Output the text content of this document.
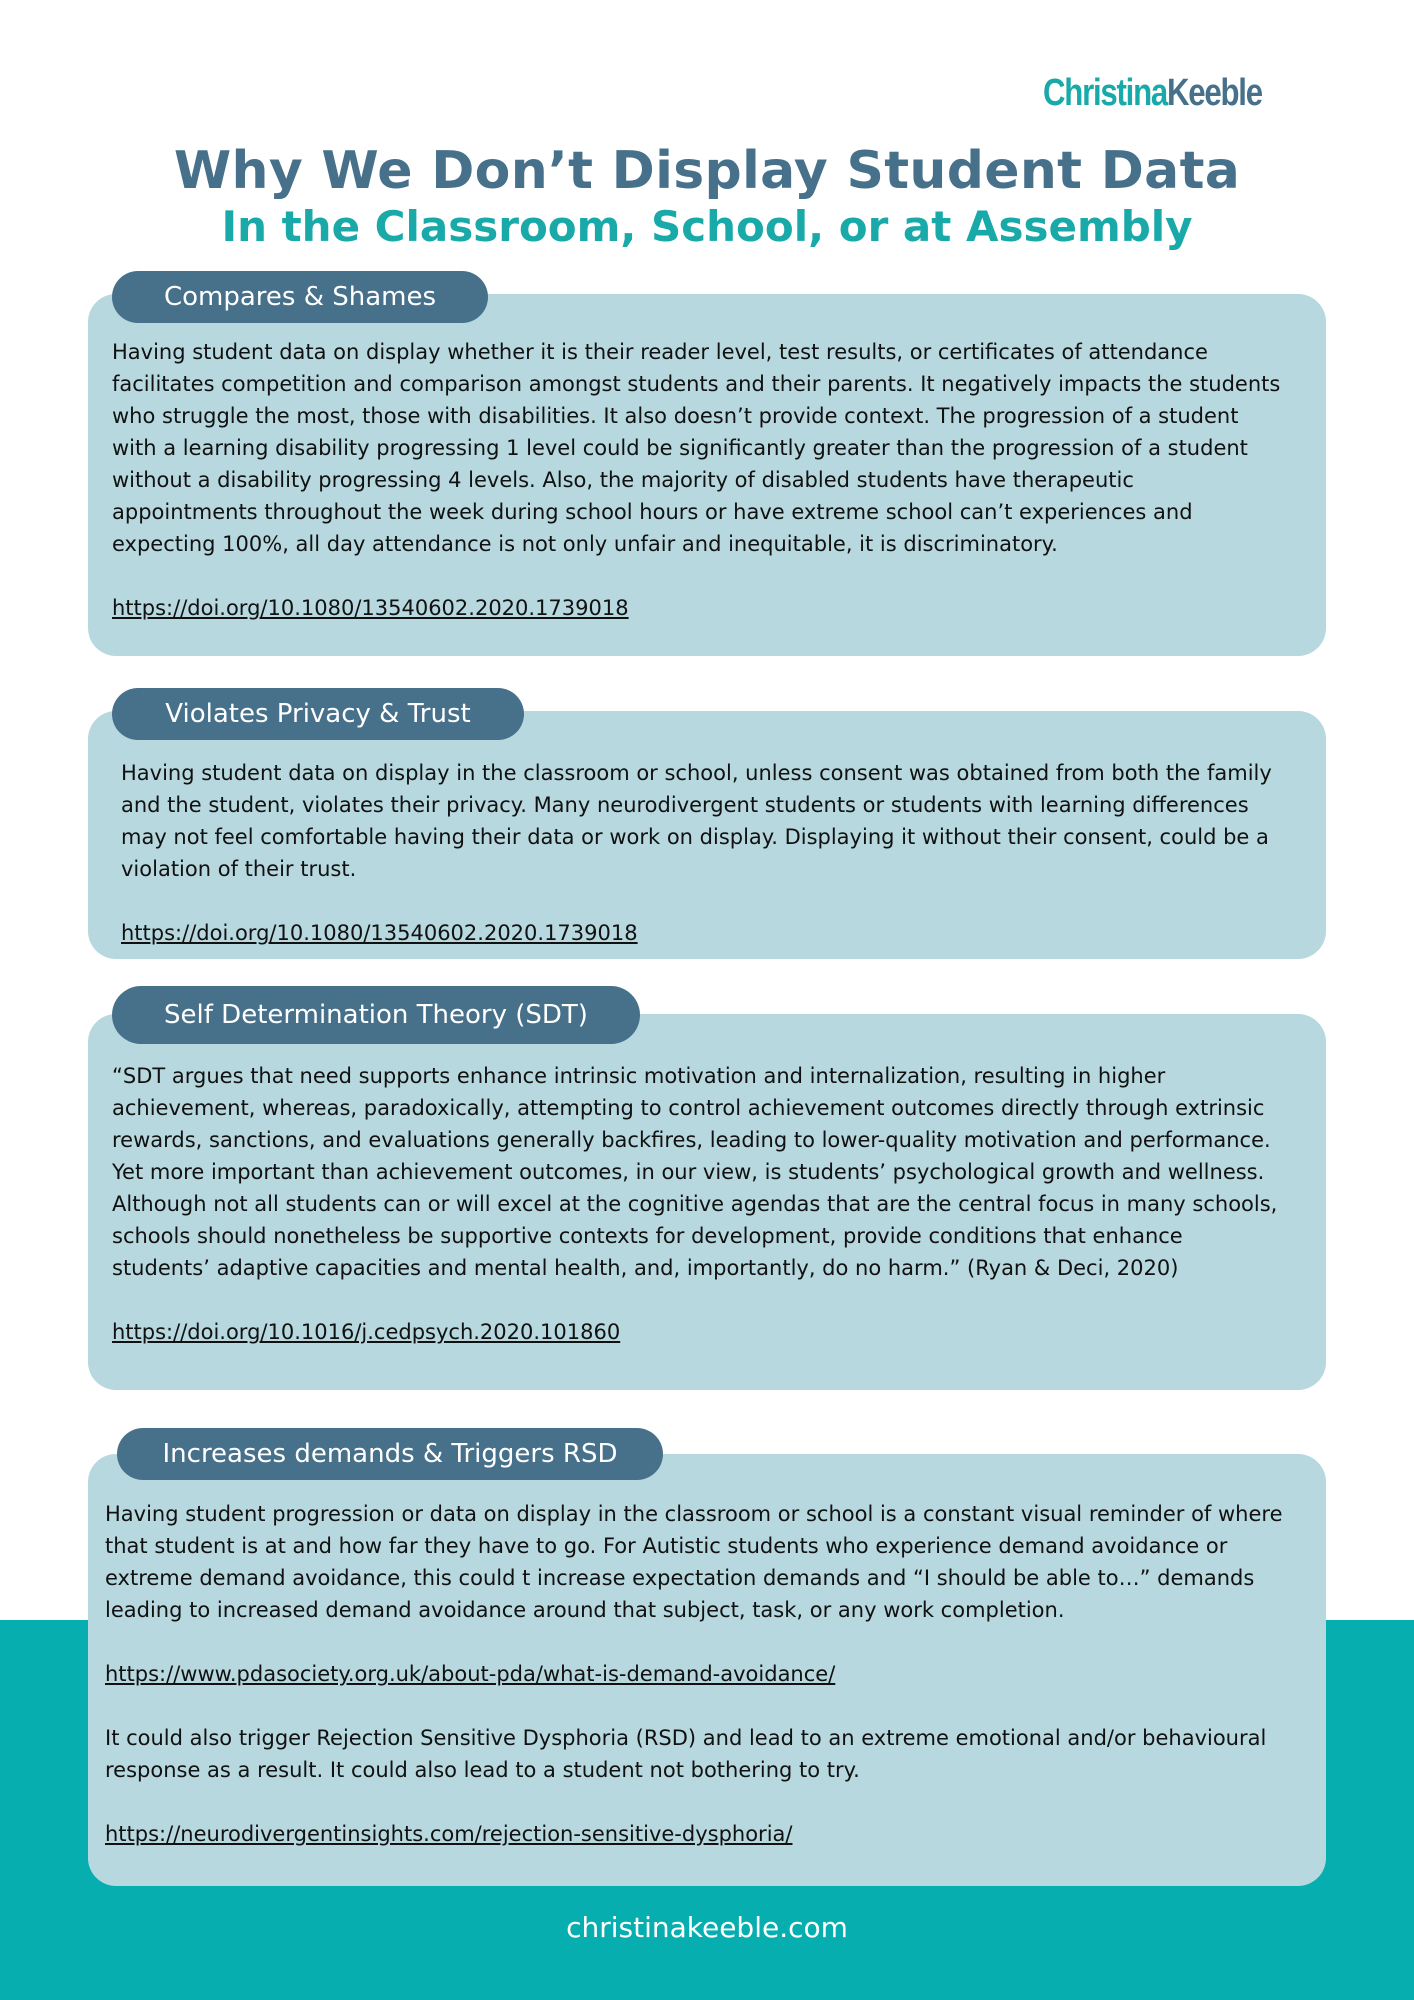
ChristinaKeeble
Why We Don’t Display Student Data
In the Classroom, School, or at Assembly

Having student data on display whether it is their reader level, test results, or certificates of attendance facilitates competition and comparison amongst students and their parents. It negatively impacts the students who struggle the most, those with disabilities. It also doesn’t provide context. The progression of a student with a learning disability progressing 1 level could be significantly greater than the progression of a student without a disability progressing 4 levels. Also, the majority of disabled students have therapeutic appointments throughout the week during school hours or have extreme school can’t experiences and expecting 100%, all day attendance is not only unfair and inequitable, it is discriminatory.

https://doi.org/10.1080/13540602.2020.1739018
Compares & Shames

Having student data on display in the classroom or school, unless consent was obtained from both the family and the student, violates their privacy. Many neurodivergent students or students with learning differences may not feel comfortable having their data or work on display. Displaying it without their consent, could be a violation of their trust.

https://doi.org/10.1080/13540602.2020.1739018
Violates Privacy & Trust

“SDT argues that need supports enhance intrinsic motivation and internalization, resulting in higher achievement, whereas, paradoxically, attempting to control achievement outcomes directly through extrinsic rewards, sanctions, and evaluations generally backfires, leading to lower-quality motivation and performance. Yet more important than achievement outcomes, in our view, is students’ psychological growth and wellness. Although not all students can or will excel at the cognitive agendas that are the central focus in many schools, schools should nonetheless be supportive contexts for development, provide conditions that enhance students’ adaptive capacities and mental health, and, importantly, do no harm.” (Ryan & Deci, 2020)

https://doi.org/10.1016/j.cedpsych.2020.101860
Self Determination Theory (SDT)

Having student progression or data on display in the classroom or school is a constant visual reminder of where that student is at and how far they have to go. For Autistic students who experience demand avoidance or extreme demand avoidance, this could t increase expectation demands and “I should be able to…” demands leading to increased demand avoidance around that subject, task, or any work completion.

https://www.pdasociety.org.uk/about-pda/what-is-demand-avoidance/

It could also trigger Rejection Sensitive Dysphoria (RSD) and lead to an extreme emotional and/or behavioural response as a result. It could also lead to a student not bothering to try.

https://neurodivergentinsights.com/rejection-sensitive-dysphoria/
Increases demands & Triggers RSD
christinakeeble.com
